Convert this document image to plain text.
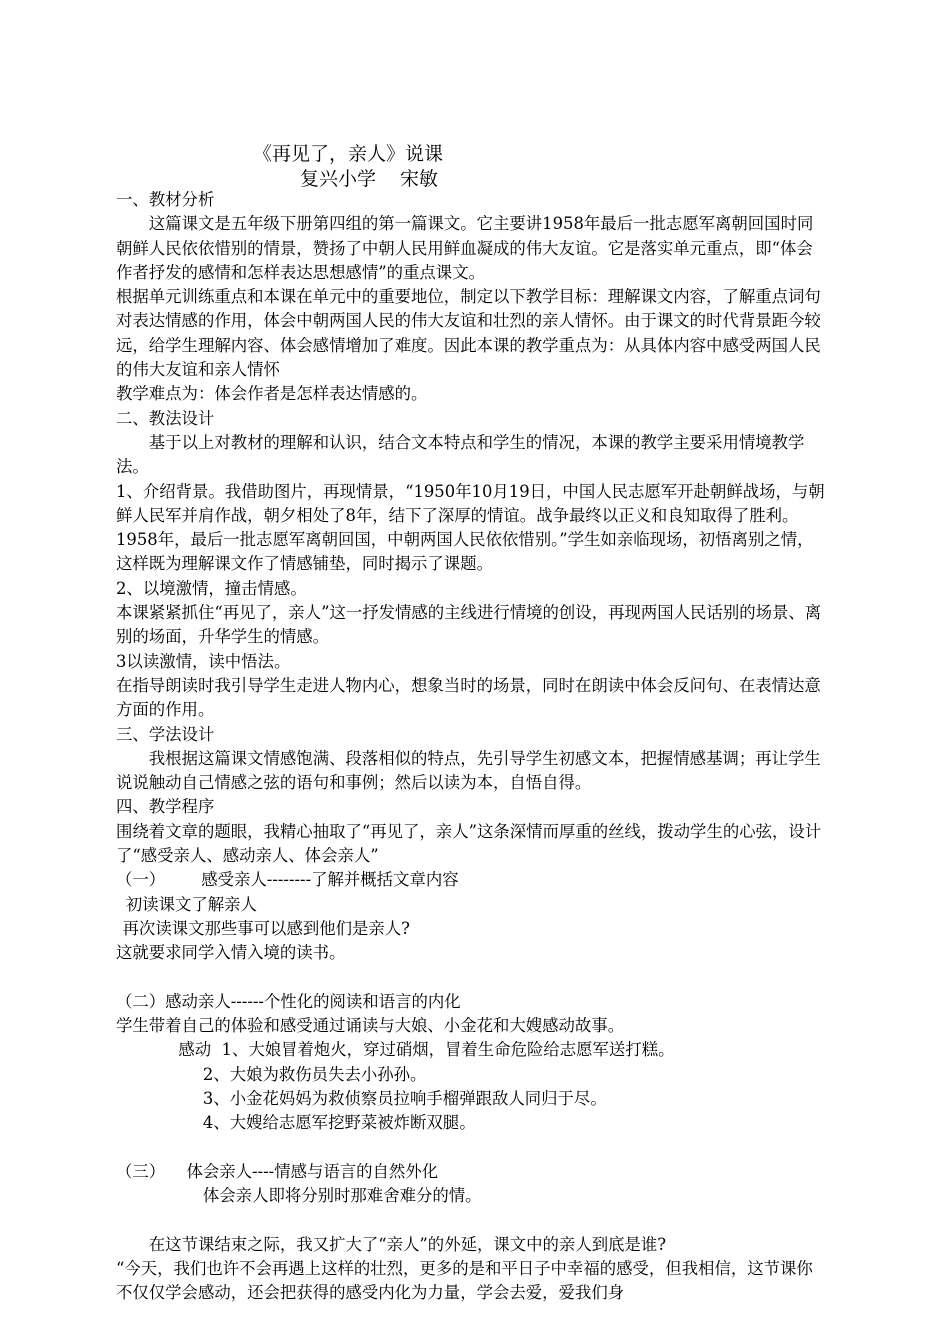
《再见了，亲人》说课
复兴小学 宋敏

一、教材分析

这篇课文是五年级下册第四组的第一篇课文。它主要讲1958年最后一批志愿军离朝回国时同朝鲜人民依依惜别的情景，赞扬了中朝人民用鲜血凝成的伟大友谊。它是落实单元重点，即“体会作者抒发的感情和怎样表达思想感情”的重点课文。

根据单元训练重点和本课在单元中的重要地位，制定以下教学目标：理解课文内容，了解重点词句对表达情感的作用，体会中朝两国人民的伟大友谊和壮烈的亲人情怀。由于课文的时代背景距今较远，给学生理解内容、体会感情增加了难度。因此本课的教学重点为：从具体内容中感受两国人民的伟大友谊和亲人情怀

教学难点为：体会作者是怎样表达情感的。

二、教法设计

基于以上对教材的理解和认识，结合文本特点和学生的情况，本课的教学主要采用情境教学法。

1、介绍背景。我借助图片，再现情景，“1950年10月19日，中国人民志愿军开赴朝鲜战场，与朝鲜人民军并肩作战，朝夕相处了8年，结下了深厚的情谊。战争最终以正义和良知取得了胜利。1958年，最后一批志愿军离朝回国，中朝两国人民依依惜别。”学生如亲临现场，初悟离别之情，这样既为理解课文作了情感铺垫，同时揭示了课题。

2、以境激情，撞击情感。

本课紧紧抓住“再见了，亲人”这一抒发情感的主线进行情境的创设，再现两国人民话别的场景、离别的场面，升华学生的情感。

3以读激情，读中悟法。

在指导朗读时我引导学生走进人物内心，想象当时的场景，同时在朗读中体会反问句、在表情达意方面的作用。

三、学法设计

我根据这篇课文情感饱满、段落相似的特点，先引导学生初感文本，把握情感基调；再让学生说说触动自己情感之弦的语句和事例；然后以读为本，自悟自得。

四、教学程序

围绕着文章的题眼，我精心抽取了“再见了，亲人”这条深情而厚重的丝线，拨动学生的心弦，设计了“感受亲人、感动亲人、体会亲人”

（一） 感受亲人--------了解并概括文章内容

初读课文了解亲人

再次读课文那些事可以感到他们是亲人?

这就要求同学入情入境的读书。

（二）感动亲人------个性化的阅读和语言的内化

学生带着自己的体验和感受通过诵读与大娘、小金花和大嫂感动故事。

感动  1、大娘冒着炮火，穿过硝烟，冒着生命危险给志愿军送打糕。

2、大娘为救伤员失去小孙孙。

3、小金花妈妈为救侦察员拉响手榴弹跟敌人同归于尽。

4、大嫂给志愿军挖野菜被炸断双腿。

（三） 体会亲人----情感与语言的自然外化

体会亲人即将分别时那难舍难分的情。

在这节课结束之际，我又扩大了“亲人”的外延，课文中的亲人到底是谁?

“今天，我们也许不会再遇上这样的壮烈，更多的是和平日子中幸福的感受，但我相信，这节课你不仅仅学会感动，还会把获得的感受内化为力量，学会去爱，爱我们身
